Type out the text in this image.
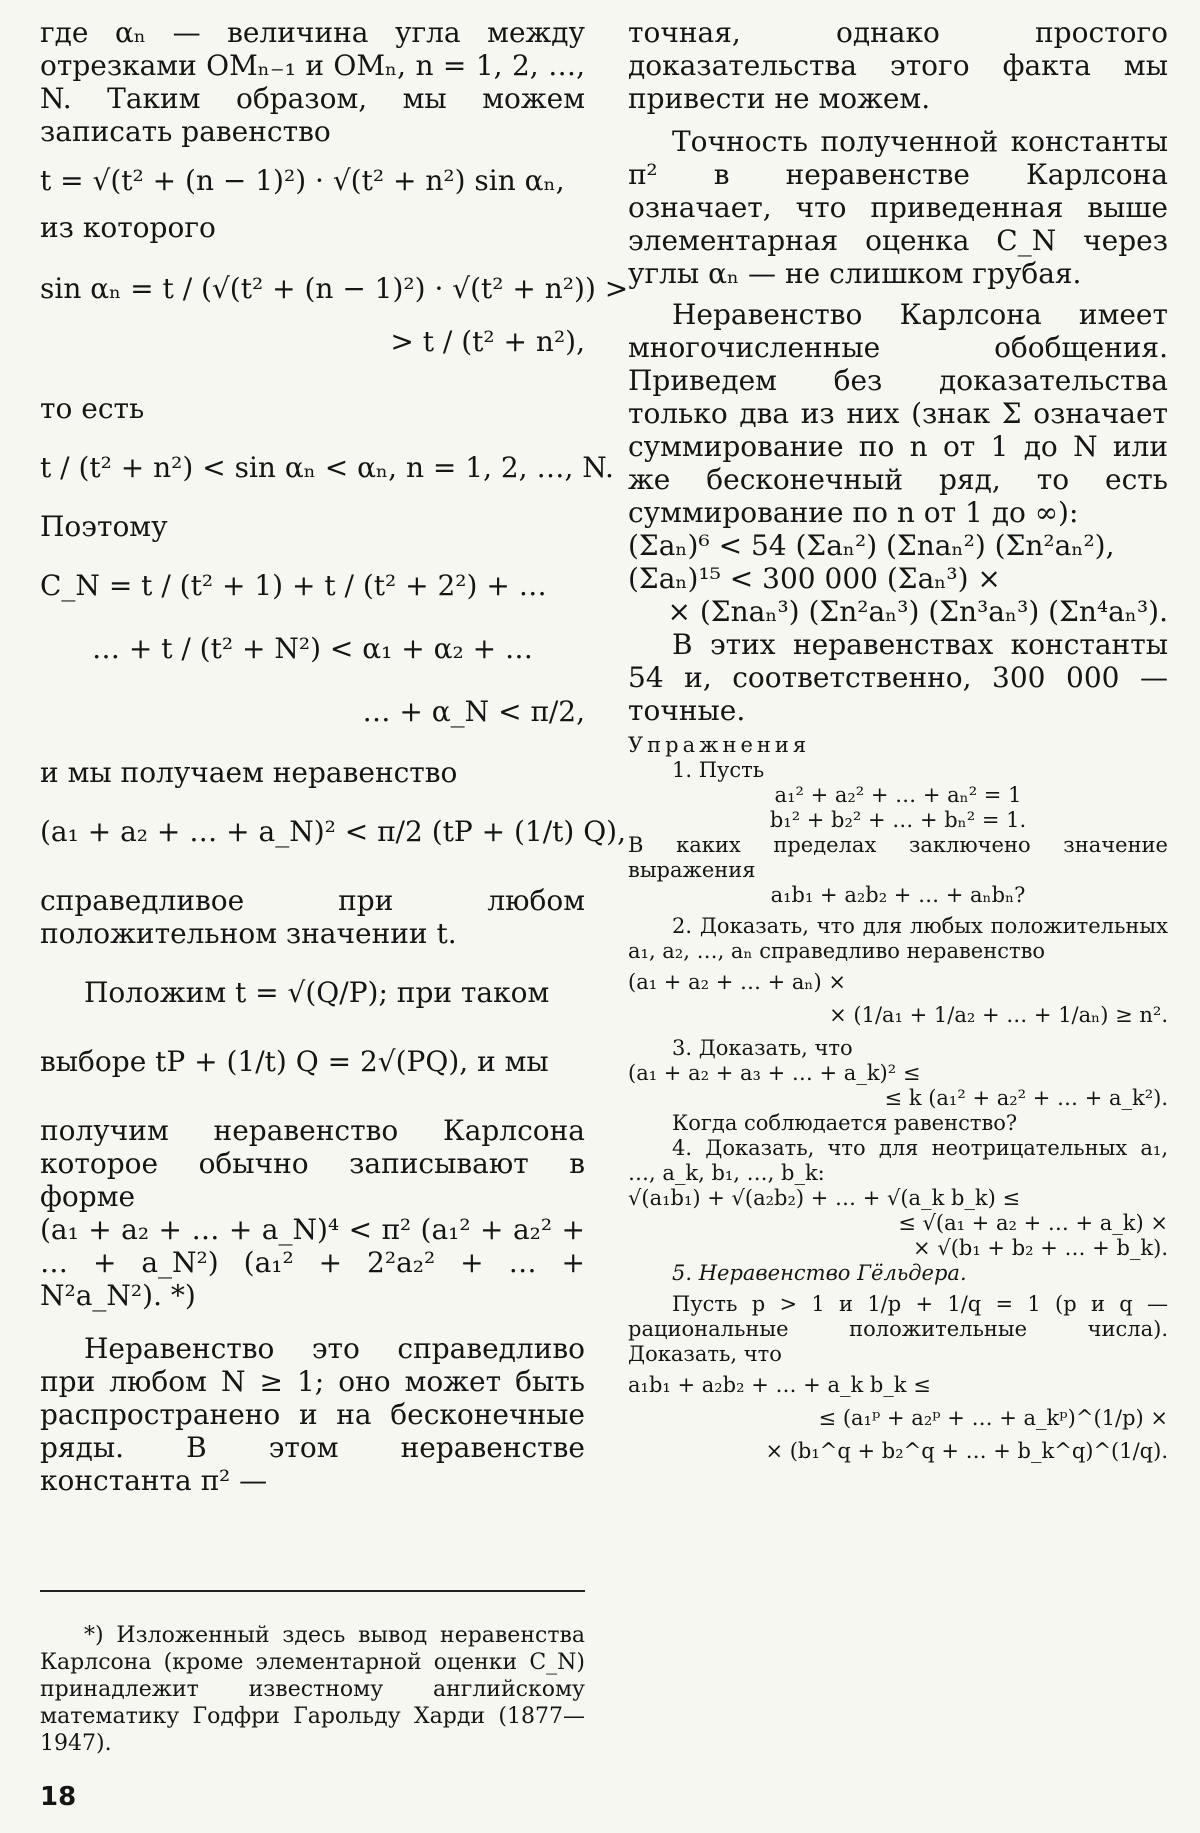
где αₙ — величина угла между отрезками OMₙ₋₁ и OMₙ, n = 1, 2, …, N. Таким образом, мы можем записать равенство

t = √(t² + (n − 1)²) · √(t² + n²) sin αₙ,

из которого

sin αₙ = t / (√(t² + (n − 1)²) · √(t² + n²)) >

> t / (t² + n²),

то есть

t / (t² + n²) < sin αₙ < αₙ, n = 1, 2, …, N.

Поэтому

C_N = t / (t² + 1) + t / (t² + 2²) + …

… + t / (t² + N²) < α₁ + α₂ + …

… + α_N < π/2,

и мы получаем неравенство

(a₁ + a₂ + … + a_N)² < π/2 (tP + (1/t) Q),

справедливое при любом положительном значении t.

Положим t = √(Q/P); при таком

выборе tP + (1/t) Q = 2√(PQ), и мы

получим неравенство Карлсона которое обычно записывают в форме

(a₁ + a₂ + … + a_N)⁴ < π² (a₁² + a₂² + … + a_N²) (a₁² + 2²a₂² + … + N²a_N²). *)

Неравенство это справедливо при любом N ≥ 1; оно может быть распространено и на бесконечные ряды. В этом неравенстве константа π² —

*) Изложенный здесь вывод неравенства Карлсона (кроме элементарной оценки C_N) принадлежит известному английскому математику Годфри Гарольду Харди (1877—1947).

18

точная, однако простого доказательства этого факта мы привести не можем.

Точность полученной константы π² в неравенстве Карлсона означает, что приведенная выше элементарная оценка C_N через углы αₙ — не слишком грубая.

Неравенство Карлсона имеет многочисленные обобщения. Приведем без доказательства только два из них (знак Σ означает суммирование по n от 1 до N или же бесконечный ряд, то есть суммирование по n от 1 до ∞):

(Σaₙ)⁶ < 54 (Σaₙ²) (Σnaₙ²) (Σn²aₙ²),

(Σaₙ)¹⁵ < 300 000 (Σaₙ³) ×

× (Σnaₙ³) (Σn²aₙ³) (Σn³aₙ³) (Σn⁴aₙ³).

В этих неравенствах константы 54 и, соответственно, 300 000 — точные.

Упражнения

1. Пусть

a₁² + a₂² + … + aₙ² = 1

b₁² + b₂² + … + bₙ² = 1.

В каких пределах заключено значение выражения

a₁b₁ + a₂b₂ + … + aₙbₙ?

2. Доказать, что для любых положительных a₁, a₂, …, aₙ справедливо неравенство

(a₁ + a₂ + … + aₙ) ×

× (1/a₁ + 1/a₂ + … + 1/aₙ) ≥ n².

3. Доказать, что

(a₁ + a₂ + a₃ + … + a_k)² ≤

≤ k (a₁² + a₂² + … + a_k²).

Когда соблюдается равенство?

4. Доказать, что для неотрицательных a₁, …, a_k, b₁, …, b_k:

√(a₁b₁) + √(a₂b₂) + … + √(a_k b_k) ≤

≤ √(a₁ + a₂ + … + a_k) ×

× √(b₁ + b₂ + … + b_k).

5. Неравенство Гёльдера.

Пусть p > 1 и 1/p + 1/q = 1 (p и q — рациональные положительные числа). Доказать, что

a₁b₁ + a₂b₂ + … + a_k b_k ≤

≤ (a₁ᵖ + a₂ᵖ + … + a_kᵖ)^(1/p) ×

× (b₁^q + b₂^q + … + b_k^q)^(1/q).
